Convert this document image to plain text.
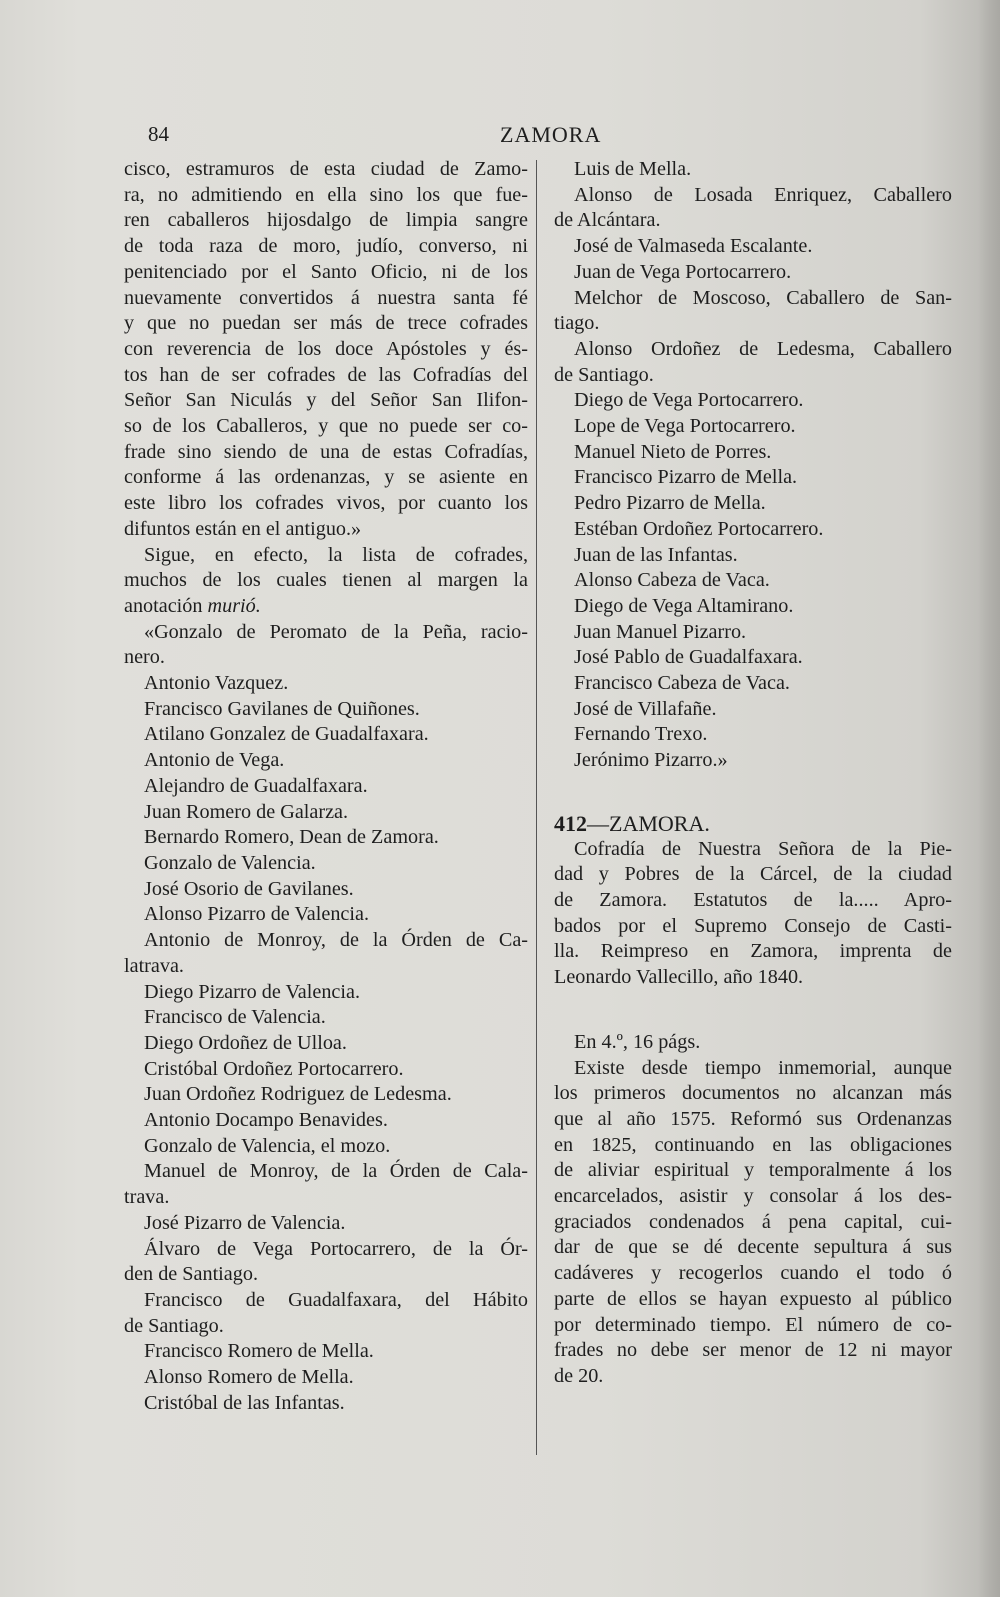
84	ZAMORA

cisco, estramuros de esta ciudad de Zamo-

ra, no admitiendo en ella sino los que fue-

ren caballeros hijosdalgo de limpia sangre

de toda raza de moro, judío, converso, ni

penitenciado por el Santo Oficio, ni de los

nuevamente convertidos á nuestra santa fé

y que no puedan ser más de trece cofrades

con reverencia de los doce Apóstoles y és-

tos han de ser cofrades de las Cofradías del

Señor San Niculás y del Señor San Ilifon-

so de los Caballeros, y que no puede ser co-

frade sino siendo de una de estas Cofradías,

conforme á las ordenanzas, y se asiente en

este libro los cofrades vivos, por cuanto los

difuntos están en el antiguo.»

Sigue, en efecto, la lista de cofrades,

muchos de los cuales tienen al margen la

anotación murió.

«Gonzalo de Peromato de la Peña, racio-

nero.

Antonio Vazquez.

Francisco Gavilanes de Quiñones.

Atilano Gonzalez de Guadalfaxara.

Antonio de Vega.

Alejandro de Guadalfaxara.

Juan Romero de Galarza.

Bernardo Romero, Dean de Zamora.

Gonzalo de Valencia.

José Osorio de Gavilanes.

Alonso Pizarro de Valencia.

Antonio de Monroy, de la Órden de Ca-

latrava.

Diego Pizarro de Valencia.

Francisco de Valencia.

Diego Ordoñez de Ulloa.

Cristóbal Ordoñez Portocarrero.

Juan Ordoñez Rodriguez de Ledesma.

Antonio Docampo Benavides.

Gonzalo de Valencia, el mozo.

Manuel de Monroy, de la Órden de Cala-

trava.

José Pizarro de Valencia.

Álvaro de Vega Portocarrero, de la Ór-

den de Santiago.

Francisco de Guadalfaxara, del Hábito

de Santiago.

Francisco Romero de Mella.

Alonso Romero de Mella.

Cristóbal de las Infantas.

Luis de Mella.

Alonso de Losada Enriquez, Caballero

de Alcántara.

José de Valmaseda Escalante.

Juan de Vega Portocarrero.

Melchor de Moscoso, Caballero de San-

tiago.

Alonso Ordoñez de Ledesma, Caballero

de Santiago.

Diego de Vega Portocarrero.

Lope de Vega Portocarrero.

Manuel Nieto de Porres.

Francisco Pizarro de Mella.

Pedro Pizarro de Mella.

Estéban Ordoñez Portocarrero.

Juan de las Infantas.

Alonso Cabeza de Vaca.

Diego de Vega Altamirano.

Juan Manuel Pizarro.

José Pablo de Guadalfaxara.

Francisco Cabeza de Vaca.

José de Villafañe.

Fernando Trexo.

Jerónimo Pizarro.»

412—ZAMORA.

Cofradía de Nuestra Señora de la Pie-

dad y Pobres de la Cárcel, de la ciudad

de Zamora. Estatutos de la..... Apro-

bados por el Supremo Consejo de Casti-

lla. Reimpreso en Zamora, imprenta de

Leonardo Vallecillo, año 1840.

En 4.º, 16 págs.

Existe desde tiempo inmemorial, aunque

los primeros documentos no alcanzan más

que al año 1575. Reformó sus Ordenanzas

en 1825, continuando en las obligaciones

de aliviar espiritual y temporalmente á los

encarcelados, asistir y consolar á los des-

graciados condenados á pena capital, cui-

dar de que se dé decente sepultura á sus

cadáveres y recogerlos cuando el todo ó

parte de ellos se hayan expuesto al público

por determinado tiempo. El número de co-

frades no debe ser menor de 12 ni mayor

de 20.
